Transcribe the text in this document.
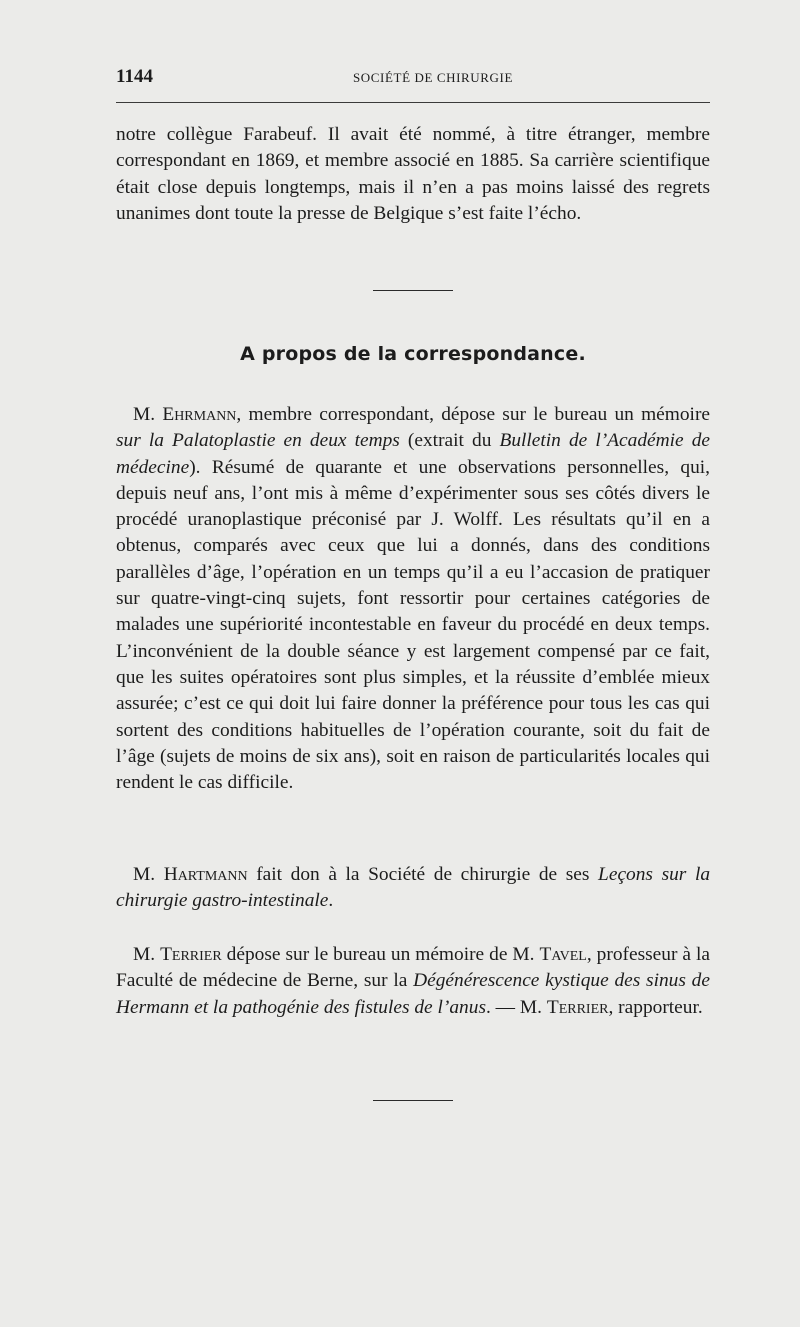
1144	SOCIÉTÉ DE CHIRURGIE

notre collègue Farabeuf. Il avait été nommé, à titre étranger, membre correspondant en 1869, et membre associé en 1885. Sa carrière scientifique était close depuis longtemps, mais il n’en a pas moins laissé des regrets unanimes dont toute la presse de Belgique s’est faite l’écho.

A propos de la correspondance.

M. Ehrmann, membre correspondant, dépose sur le bureau un mémoire sur la Palatoplastie en deux temps (extrait du Bulletin de l’Académie de médecine). Résumé de quarante et une observations personnelles, qui, depuis neuf ans, l’ont mis à même d’expérimenter sous ses côtés divers le procédé uranoplastique préconisé par J. Wolff. Les résultats qu’il en a obtenus, comparés avec ceux que lui a donnés, dans des conditions parallèles d’âge, l’opération en un temps qu’il a eu l’accasion de pratiquer sur quatre-vingt-cinq sujets, font ressortir pour certaines catégories de malades une supériorité incontestable en faveur du procédé en deux temps. L’inconvénient de la double séance y est largement compensé par ce fait, que les suites opératoires sont plus simples, et la réussite d’emblée mieux assurée; c’est ce qui doit lui faire donner la préférence pour tous les cas qui sortent des conditions habituelles de l’opération courante, soit du fait de l’âge (sujets de moins de six ans), soit en raison de particularités locales qui rendent le cas difficile.

M. Hartmann fait don à la Société de chirurgie de ses Leçons sur la chirurgie gastro-intestinale.

M. Terrier dépose sur le bureau un mémoire de M. Tavel, professeur à la Faculté de médecine de Berne, sur la Dégénérescence kystique des sinus de Hermann et la pathogénie des fistules de l’anus. — M. Terrier, rapporteur.
